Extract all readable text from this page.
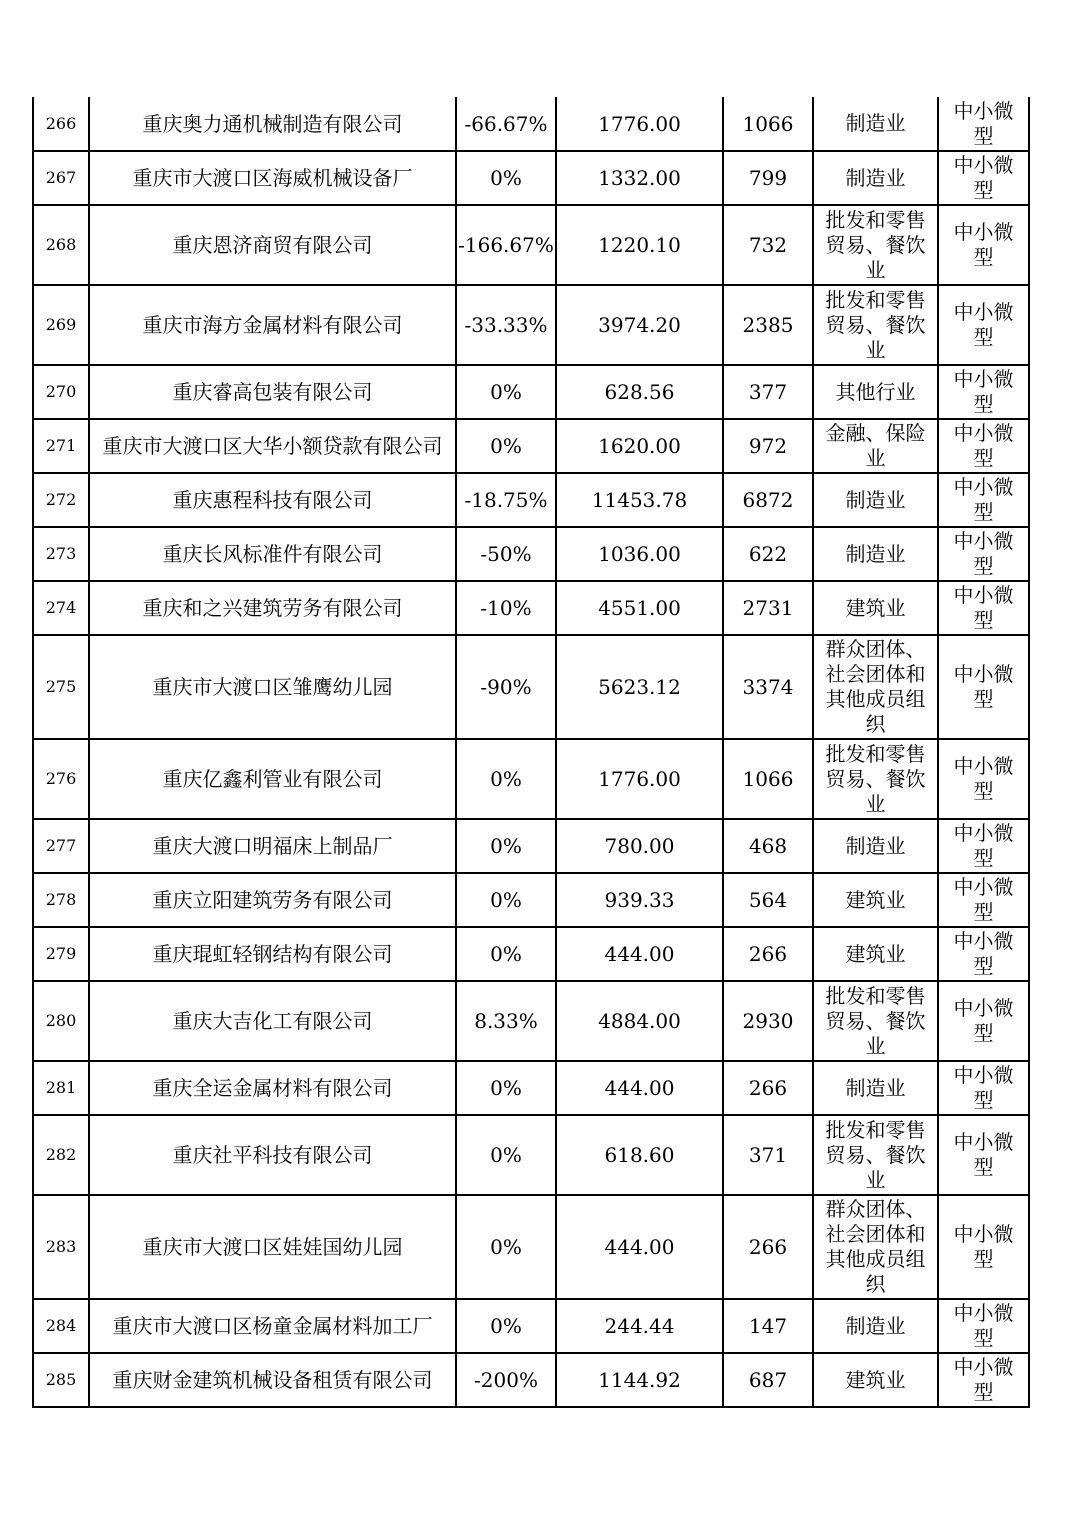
266	重庆奥力通机械制造有限公司	-66.67%	1776.00	1066	制造业	中小微型

267	重庆市大渡口区海威机械设备厂	0%	1332.00	799	制造业	中小微型

268	重庆恩济商贸有限公司	-166.67%	1220.10	732	批发和零售贸易、餐饮业	中小微型

269	重庆市海方金属材料有限公司	-33.33%	3974.20	2385	批发和零售贸易、餐饮业	中小微型

270	重庆睿高包装有限公司	0%	628.56	377	其他行业	中小微型

271	重庆市大渡口区大华小额贷款有限公司	0%	1620.00	972	金融、保险业	中小微型

272	重庆惠程科技有限公司	-18.75%	11453.78	6872	制造业	中小微型

273	重庆长风标准件有限公司	-50%	1036.00	622	制造业	中小微型

274	重庆和之兴建筑劳务有限公司	-10%	4551.00	2731	建筑业	中小微型

275	重庆市大渡口区雏鹰幼儿园	-90%	5623.12	3374	群众团体、社会团体和其他成员组织	中小微型

276	重庆亿鑫利管业有限公司	0%	1776.00	1066	批发和零售贸易、餐饮业	中小微型

277	重庆大渡口明福床上制品厂	0%	780.00	468	制造业	中小微型

278	重庆立阳建筑劳务有限公司	0%	939.33	564	建筑业	中小微型

279	重庆琨虹轻钢结构有限公司	0%	444.00	266	建筑业	中小微型

280	重庆大吉化工有限公司	8.33%	4884.00	2930	批发和零售贸易、餐饮业	中小微型

281	重庆全运金属材料有限公司	0%	444.00	266	制造业	中小微型

282	重庆社平科技有限公司	0%	618.60	371	批发和零售贸易、餐饮业	中小微型

283	重庆市大渡口区娃娃国幼儿园	0%	444.00	266	群众团体、社会团体和其他成员组织	中小微型

284	重庆市大渡口区杨童金属材料加工厂	0%	244.44	147	制造业	中小微型

285	重庆财金建筑机械设备租赁有限公司	-200%	1144.92	687	建筑业	中小微型
